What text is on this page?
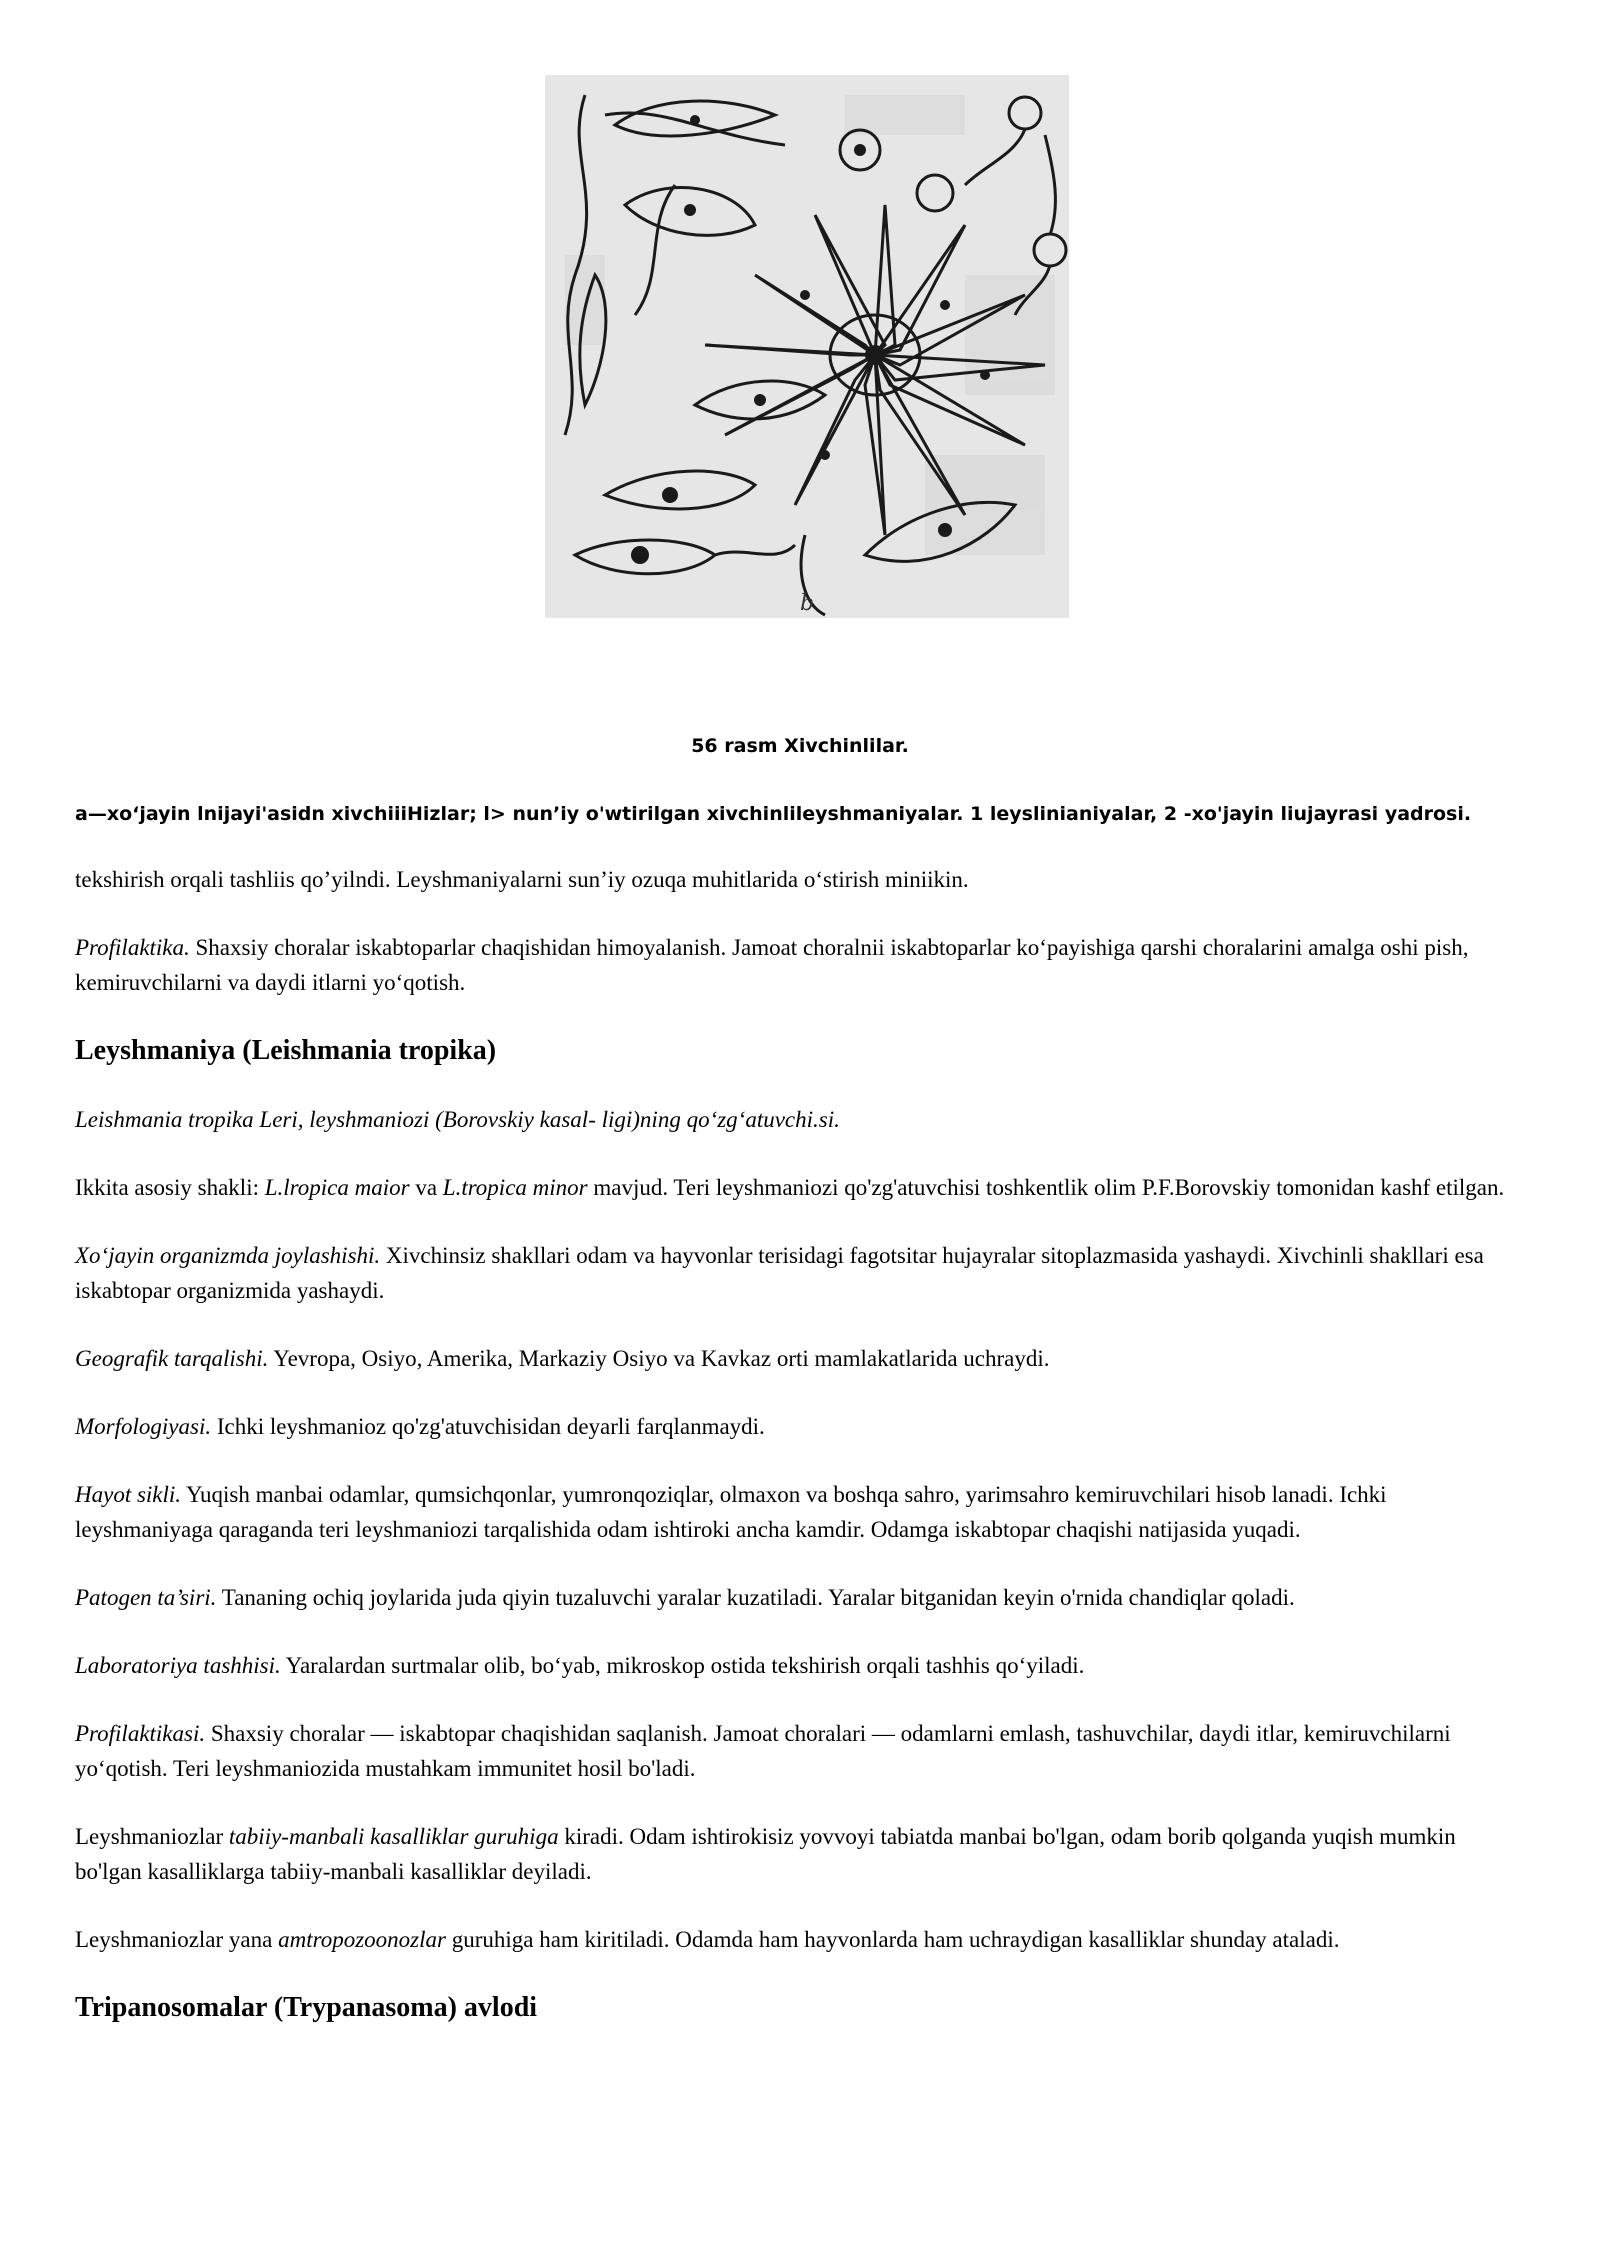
b
56 rasm Xivchinlilar.
a—xo‘jayin lnijayi'asidn xivchiiiHizlar; l> nun’iy o'wtirilgan xivchinlileyshmaniyalar. 1 leyslinianiyalar, 2 -xo'jayin liujayrasi yadrosi.

tekshirish orqali tashliis qo’yilndi. Leyshmaniyalarni sun’iy ozuqa muhitlarida o‘stirish miniikin.

Profilaktika. Shaxsiy choralar iskabtoparlar chaqishidan himoyalanish. Jamoat choralnii iskabtoparlar ko‘payishiga qarshi choralarini amalga oshi pish, kemiruvchilarni va daydi itlarni yo‘qotish.

Leyshmaniya (Leishmania tropika)

Leishmania tropika Leri, leyshmaniozi (Borovskiy kasal- ligi)ning qo‘zg‘atuvchi.si.

Ikkita asosiy shakli: L.lropica maior va L.tropica minor mavjud. Teri leyshmaniozi qo'zg'atuvchisi toshkentlik olim P.F.Borovskiy tomonidan kashf etilgan.

Xo‘jayin organizmda joylashishi. Xivchinsiz shakllari odam va hayvonlar terisidagi fagotsitar hujayralar sitoplazmasida yashaydi. Xivchinli shakllari esa iskabtopar organizmida yashaydi.

Geografik tarqalishi. Yevropa, Osiyo, Amerika, Markaziy Osiyo va Kavkaz orti mamlakatlarida uchraydi.

Morfologiyasi. Ichki leyshmanioz qo'zg'atuvchisidan deyarli farqlanmaydi.

Hayot sikli. Yuqish manbai odamlar, qumsichqonlar, yumronqoziqlar, olmaxon va boshqa sahro, yarimsahro kemiruvchilari hisob lanadi. Ichki leyshmaniyaga qaraganda teri leyshmaniozi tarqalishida odam ishtiroki ancha kamdir. Odamga iskabtopar chaqishi natijasida yuqadi.

Patogen ta’siri. Tananing ochiq joylarida juda qiyin tuzaluvchi yaralar kuzatiladi. Yaralar bitganidan keyin o'rnida chandiqlar qoladi.

Laboratoriya tashhisi. Yaralardan surtmalar olib, bo‘yab, mikroskop ostida tekshirish orqali tashhis qo‘yiladi.

Profilaktikasi. Shaxsiy choralar — iskabtopar chaqishidan saqlanish. Jamoat choralari — odamlarni emlash, tashuvchilar, daydi itlar, kemiruvchilarni yo‘qotish. Teri leyshmaniozida mustahkam immunitet hosil bo'ladi.

Leyshmaniozlar tabiiy-manbali kasalliklar guruhiga kiradi. Odam ishtirokisiz yovvoyi tabiatda manbai bo'lgan, odam borib qolganda yuqish mumkin bo'lgan kasalliklarga tabiiy-manbali kasalliklar deyiladi.

Leyshmaniozlar yana amtropozoonozlar guruhiga ham kiritiladi. Odamda ham hayvonlarda ham uchraydigan kasalliklar shunday ataladi.

Tripanosomalar (Trypanasoma) avlodi
